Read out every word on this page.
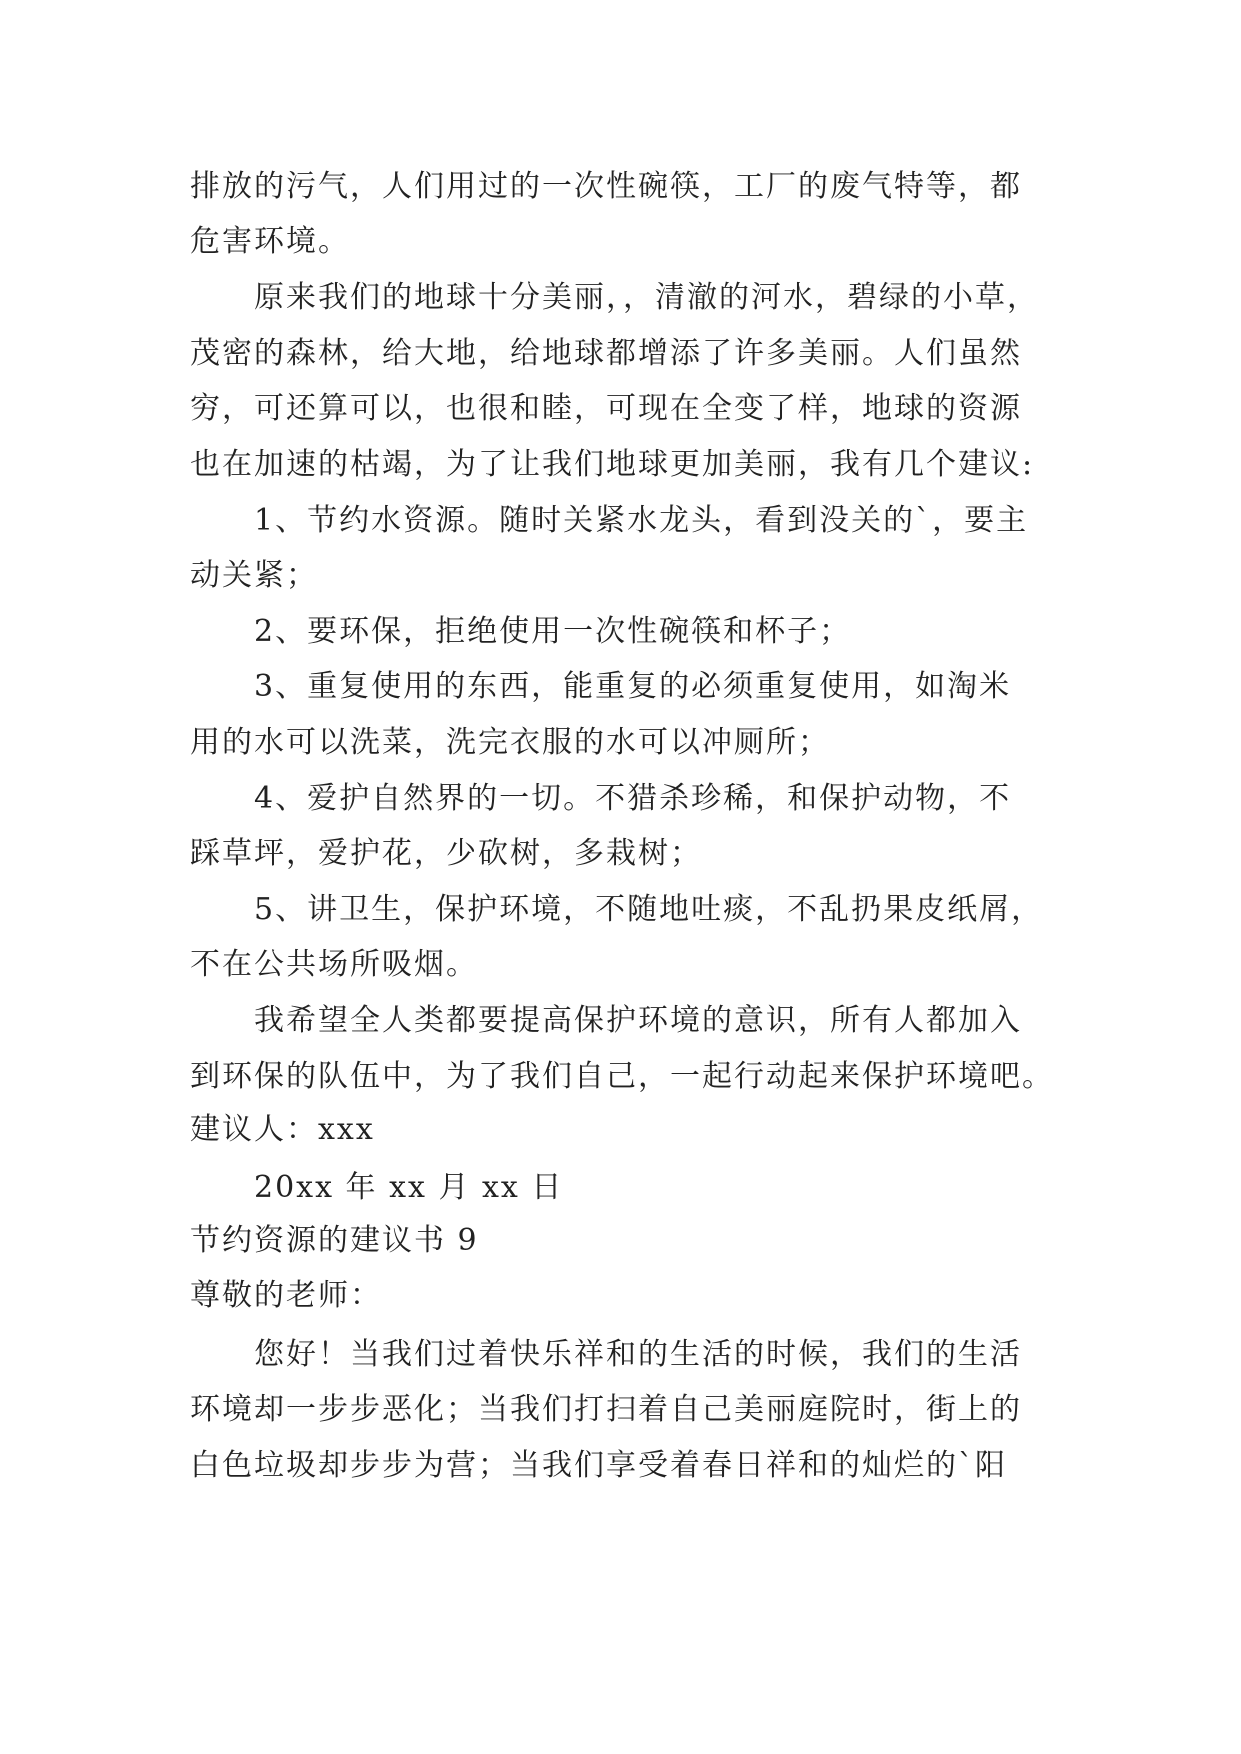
排放的污气，人们用过的一次性碗筷，工厂的废气特等，都
危害环境。
原来我们的地球十分美丽，，清澈的河水，碧绿的小草，
茂密的森林，给大地，给地球都增添了许多美丽。人们虽然
穷，可还算可以，也很和睦，可现在全变了样，地球的资源
也在加速的枯竭，为了让我们地球更加美丽，我有几个建议:
1、节约水资源。随时关紧水龙头，看到没关的`，要主
动关紧；
2、要环保，拒绝使用一次性碗筷和杯子；
3、重复使用的东西，能重复的必须重复使用，如淘米
用的水可以洗菜，洗完衣服的水可以冲厕所；
4、爱护自然界的一切。不猎杀珍稀，和保护动物，不
踩草坪，爱护花，少砍树，多栽树；
5、讲卫生，保护环境，不随地吐痰，不乱扔果皮纸屑，
不在公共场所吸烟。
我希望全人类都要提高保护环境的意识，所有人都加入
到环保的队伍中，为了我们自己，一起行动起来保护环境吧。
建议人：xxx
20xx 年 xx 月 xx 日
节约资源的建议书 9
尊敬的老师：
您好！当我们过着快乐祥和的生活的时候，我们的生活
环境却一步步恶化；当我们打扫着自己美丽庭院时，街上的
白色垃圾却步步为营；当我们享受着春日祥和的灿烂的`阳
